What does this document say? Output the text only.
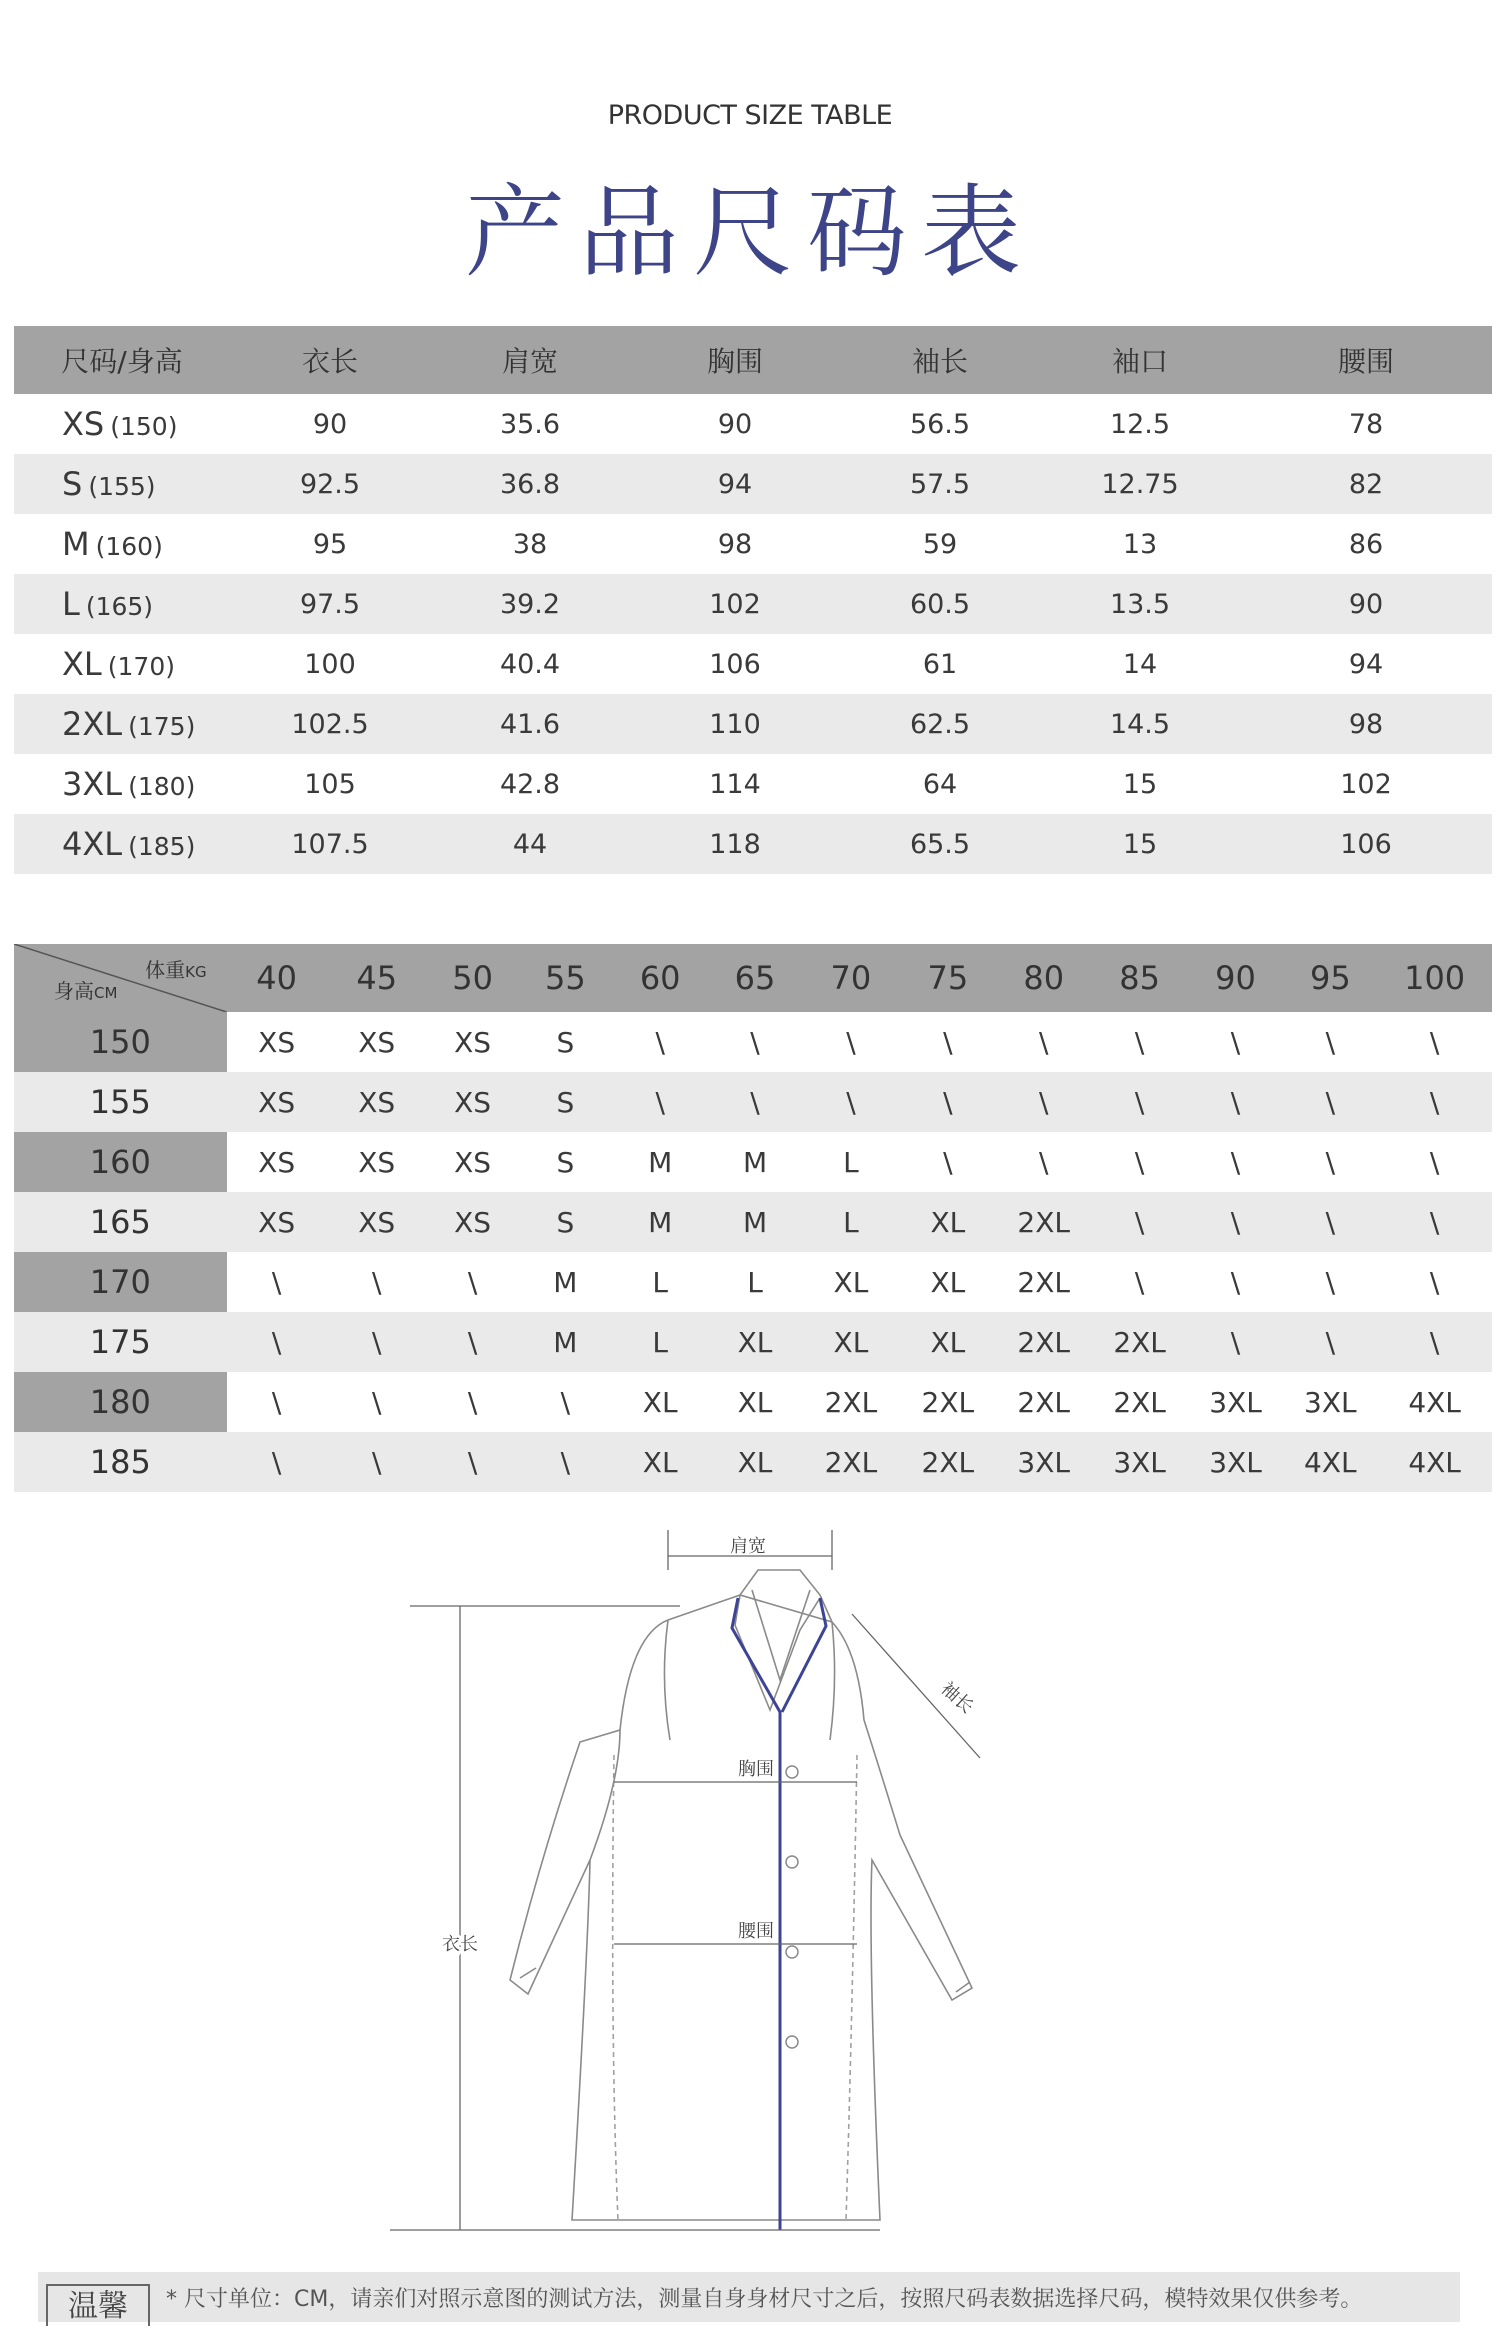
PRODUCT SIZE TABLE
产品尺码表
尺码/身高	衣长	肩宽	胸围	袖长	袖口	腰围
XS (150)	90	35.6	90	56.5	12.5	78
S (155)	92.5	36.8	94	57.5	12.75	82
M (160)	95	38	98	59	13	86
L (165)	97.5	39.2	102	60.5	13.5	90
XL (170)	100	40.4	106	61	14	94
2XL (175)	102.5	41.6	110	62.5	14.5	98
3XL (180)	105	42.8	114	64	15	102
4XL (185)	107.5	44	118	65.5	15	106
体重KG
身高CM	40	45	50	55	60	65	70	75	80	85	90	95	100
150	XS	XS	XS	S	\	\	\	\	\	\	\	\	\
155	XS	XS	XS	S	\	\	\	\	\	\	\	\	\
160	XS	XS	XS	S	M	M	L	\	\	\	\	\	\
165	XS	XS	XS	S	M	M	L	XL	2XL	\	\	\	\
170	\	\	\	M	L	L	XL	XL	2XL	\	\	\	\
175	\	\	\	M	L	XL	XL	XL	2XL	2XL	\	\	\
180	\	\	\	\	XL	XL	2XL	2XL	2XL	2XL	3XL	3XL	4XL
185	\	\	\	\	XL	XL	2XL	2XL	3XL	3XL	3XL	4XL	4XL
肩宽
胸围
腰围
衣长
袖长
温馨	* 尺寸单位：CM，请亲们对照示意图的测试方法，测量自身身材尺寸之后，按照尺码表数据选择尺码，模特效果仅供参考。
